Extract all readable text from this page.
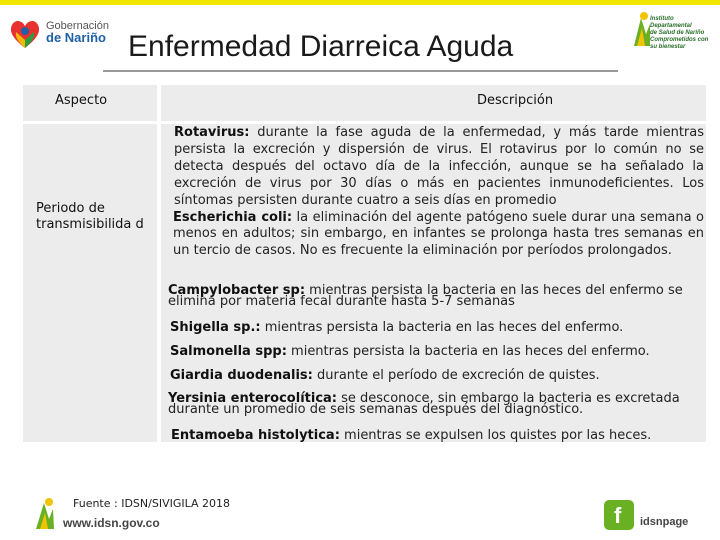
Gobernación
de Nariño
Instituto
Departamental
de Salud de Nariño
Comprometidos con su bienestar
Enfermedad Diarreica Aguda
Aspecto	Descripción
Periodo de transmisibilida d
Rotavirus: durante la fase aguda de la enfermedad, y más tarde mientras persista la excreción y dispersión de virus. El rotavirus por lo común no se detecta después del octavo día de la infección, aunque se ha señalado la excreción de virus por 30 días o más en pacientes inmunodeficientes. Los síntomas persisten durante cuatro a seis días en promedio
Escherichia coli: la eliminación del agente patógeno suele durar una semana o menos en adultos; sin embargo, en infantes se prolonga hasta tres semanas en un tercio de casos. No es frecuente la eliminación por períodos prolongados.
Campylobacter sp: mientras persista la bacteria en las heces del enfermo se elimina por materia fecal durante hasta 5-7 semanas
Shigella sp.: mientras persista la bacteria en las heces del enfermo.
Salmonella spp: mientras persista la bacteria en las heces del enfermo.
Giardia duodenalis: durante el período de excreción de quistes.
Yersinia enterocolítica: se desconoce, sin embargo la bacteria es excretada durante un promedio de seis semanas después del diagnóstico.
Entamoeba histolytica: mientras se expulsen los quistes por las heces.
Fuente : IDSN/SIVIGILA 2018
www.idsn.gov.co	f idsnpage
